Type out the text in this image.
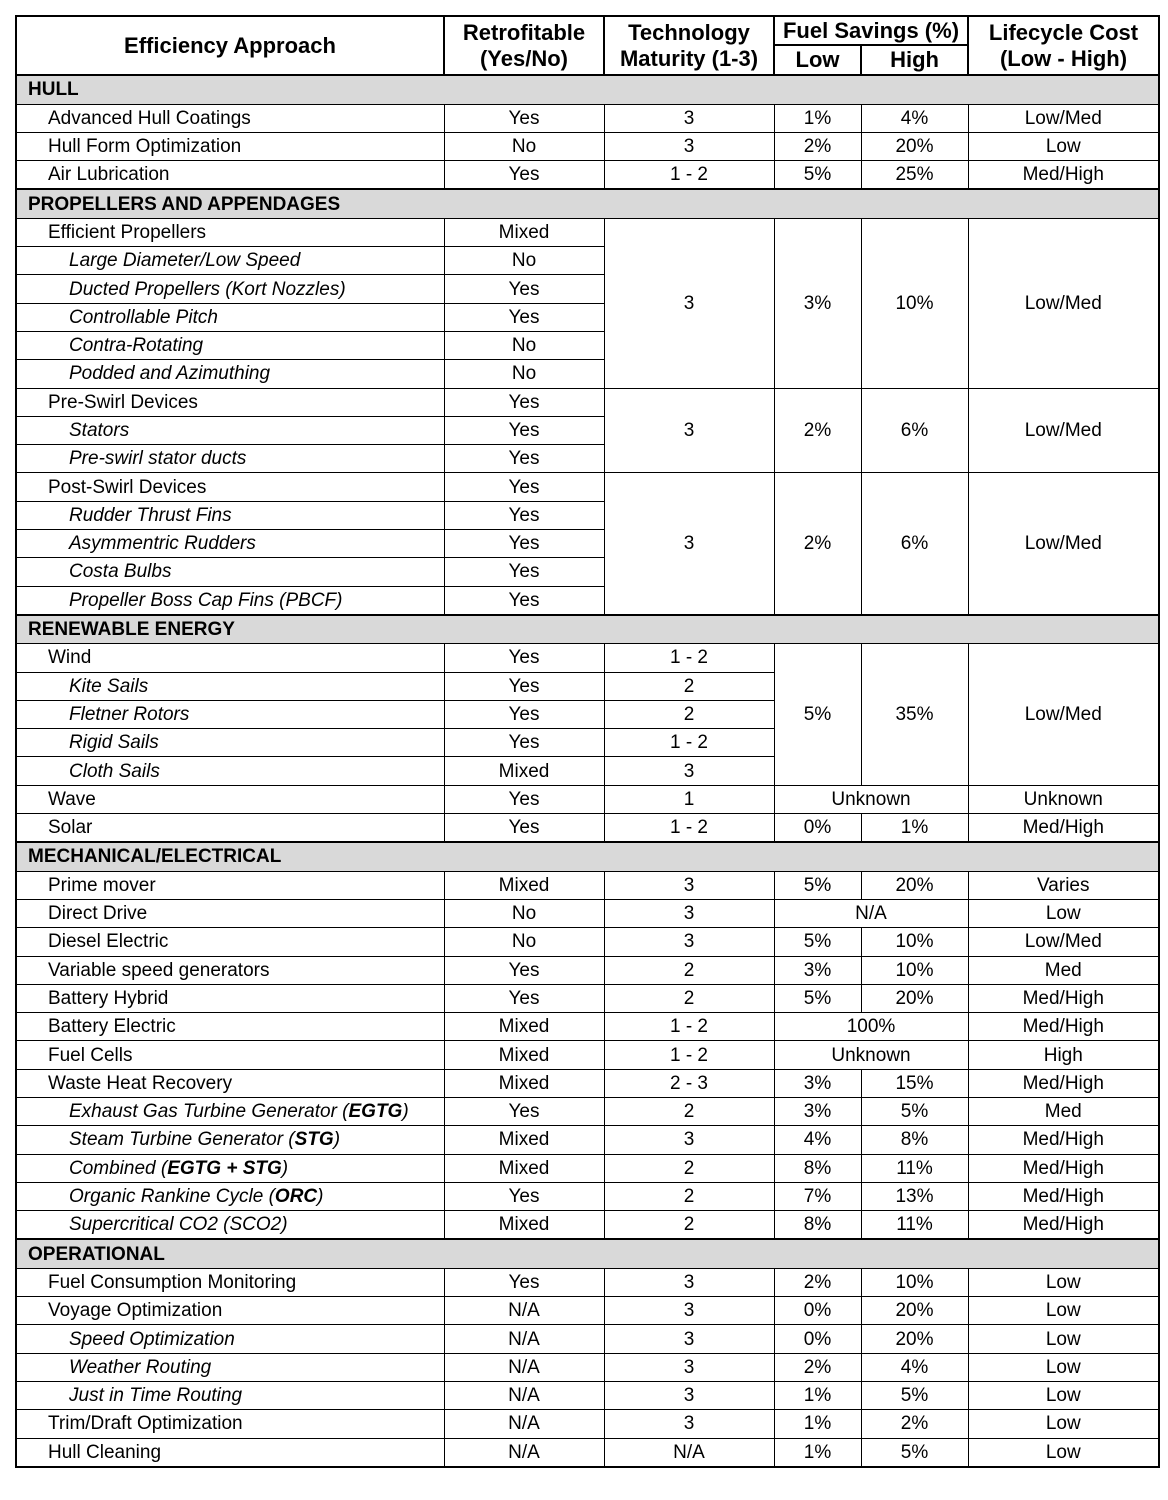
Efficiency Approach	Retrofitable (Yes/No)	Technology Maturity (1-3)	Fuel Savings (%)		Lifecycle Cost (Low - High)
			Low	High	
HULL					
Advanced Hull Coatings	Yes	3	1%	4%	Low/Med
Hull Form Optimization	No	3	2%	20%	Low
Air Lubrication	Yes	1 - 2	5%	25%	Med/High
PROPELLERS AND APPENDAGES					
Efficient Propellers	Mixed	3	3%	10%	Low/Med
Large Diameter/Low Speed	No				
Ducted Propellers (Kort Nozzles)	Yes				
Controllable Pitch	Yes				
Contra-Rotating	No				
Podded and Azimuthing	No				
Pre-Swirl Devices	Yes	3	2%	6%	Low/Med
Stators	Yes				
Pre-swirl stator ducts	Yes				
Post-Swirl Devices	Yes	3	2%	6%	Low/Med
Rudder Thrust Fins	Yes				
Asymmentric Rudders	Yes				
Costa Bulbs	Yes				
Propeller Boss Cap Fins (PBCF)	Yes				
RENEWABLE ENERGY					
Wind	Yes	1 - 2	5%	35%	Low/Med
Kite Sails	Yes	2			
Fletner Rotors	Yes	2			
Rigid Sails	Yes	1 - 2			
Cloth Sails	Mixed	3			
Wave	Yes	1	Unknown		Unknown
Solar	Yes	1 - 2	0%	1%	Med/High
MECHANICAL/ELECTRICAL					
Prime mover	Mixed	3	5%	20%	Varies
Direct Drive	No	3	N/A		Low
Diesel Electric	No	3	5%	10%	Low/Med
Variable speed generators	Yes	2	3%	10%	Med
Battery Hybrid	Yes	2	5%	20%	Med/High
Battery Electric	Mixed	1 - 2	100%		Med/High
Fuel Cells	Mixed	1 - 2	Unknown		High
Waste Heat Recovery	Mixed	2 - 3	3%	15%	Med/High
Exhaust Gas Turbine Generator (EGTG)	Yes	2	3%	5%	Med
Steam Turbine Generator (STG)	Mixed	3	4%	8%	Med/High
Combined (EGTG + STG)	Mixed	2	8%	11%	Med/High
Organic Rankine Cycle (ORC)	Yes	2	7%	13%	Med/High
Supercritical CO2 (SCO2)	Mixed	2	8%	11%	Med/High
OPERATIONAL					
Fuel Consumption Monitoring	Yes	3	2%	10%	Low
Voyage Optimization	N/A	3	0%	20%	Low
Speed Optimization	N/A	3	0%	20%	Low
Weather Routing	N/A	3	2%	4%	Low
Just in Time Routing	N/A	3	1%	5%	Low
Trim/Draft Optimization	N/A	3	1%	2%	Low
Hull Cleaning	N/A	N/A	1%	5%	Low
